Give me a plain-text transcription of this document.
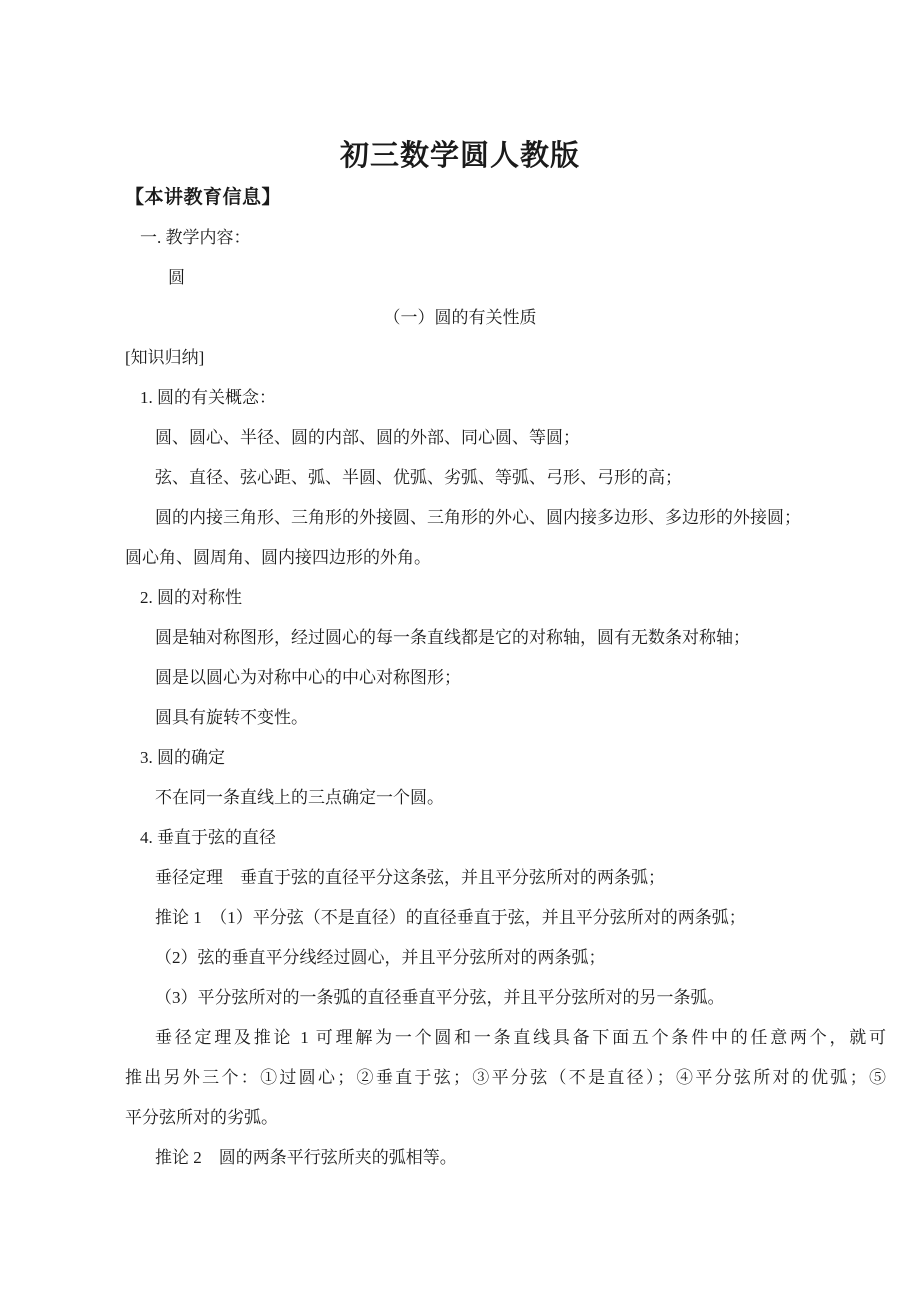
初三数学圆人教版
【本讲教育信息】
一. 教学内容：
圆
（一）圆的有关性质
[知识归纳]
1. 圆的有关概念：
圆、圆心、半径、圆的内部、圆的外部、同心圆、等圆；
弦、直径、弦心距、弧、半圆、优弧、劣弧、等弧、弓形、弓形的高；
圆的内接三角形、三角形的外接圆、三角形的外心、圆内接多边形、多边形的外接圆；
圆心角、圆周角、圆内接四边形的外角。
2. 圆的对称性
圆是轴对称图形，经过圆心的每一条直线都是它的对称轴，圆有无数条对称轴；
圆是以圆心为对称中心的中心对称图形；
圆具有旋转不变性。
3. 圆的确定
不在同一条直线上的三点确定一个圆。
4. 垂直于弦的直径
垂径定理　垂直于弦的直径平分这条弦，并且平分弦所对的两条弧；
推论 1　（1）平分弦（不是直径）的直径垂直于弦，并且平分弦所对的两条弧；
（2）弦的垂直平分线经过圆心，并且平分弦所对的两条弧；
（3）平分弦所对的一条弧的直径垂直平分弦，并且平分弦所对的另一条弧。
垂径定理及推论 1 可理解为一个圆和一条直线具备下面五个条件中的任意两个，就可
推出另外三个：①过圆心；②垂直于弦；③平分弦（不是直径）；④平分弦所对的优弧；⑤
平分弦所对的劣弧。
推论 2　圆的两条平行弦所夹的弧相等。
